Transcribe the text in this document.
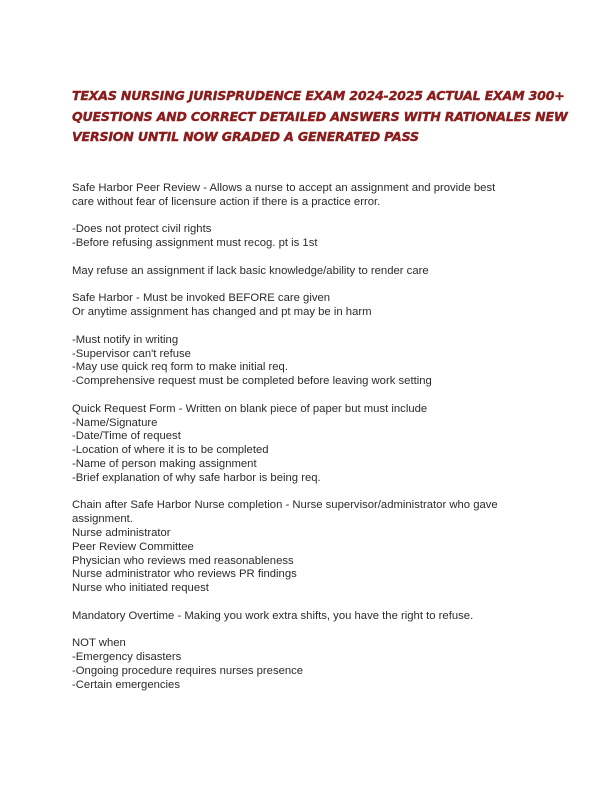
TEXAS NURSING JURISPRUDENCE EXAM 2024-2025 ACTUAL EXAM 300+
QUESTIONS AND CORRECT DETAILED ANSWERS WITH RATIONALES NEW
VERSION UNTIL NOW GRADED A GENERATED PASS
Safe Harbor Peer Review - Allows a nurse to accept an assignment and provide best
care without fear of licensure action if there is a practice error.
-Does not protect civil rights
-Before refusing assignment must recog. pt is 1st
May refuse an assignment if lack basic knowledge/ability to render care
Safe Harbor - Must be invoked BEFORE care given
Or anytime assignment has changed and pt may be in harm
-Must notify in writing
-Supervisor can't refuse
-May use quick req form to make initial req.
-Comprehensive request must be completed before leaving work setting
Quick Request Form - Written on blank piece of paper but must include
-Name/Signature
-Date/Time of request
-Location of where it is to be completed
-Name of person making assignment
-Brief explanation of why safe harbor is being req.
Chain after Safe Harbor Nurse completion - Nurse supervisor/administrator who gave
assignment.
Nurse administrator
Peer Review Committee
Physician who reviews med reasonableness
Nurse administrator who reviews PR findings
Nurse who initiated request
Mandatory Overtime - Making you work extra shifts, you have the right to refuse.
NOT when
-Emergency disasters
-Ongoing procedure requires nurses presence
-Certain emergencies
